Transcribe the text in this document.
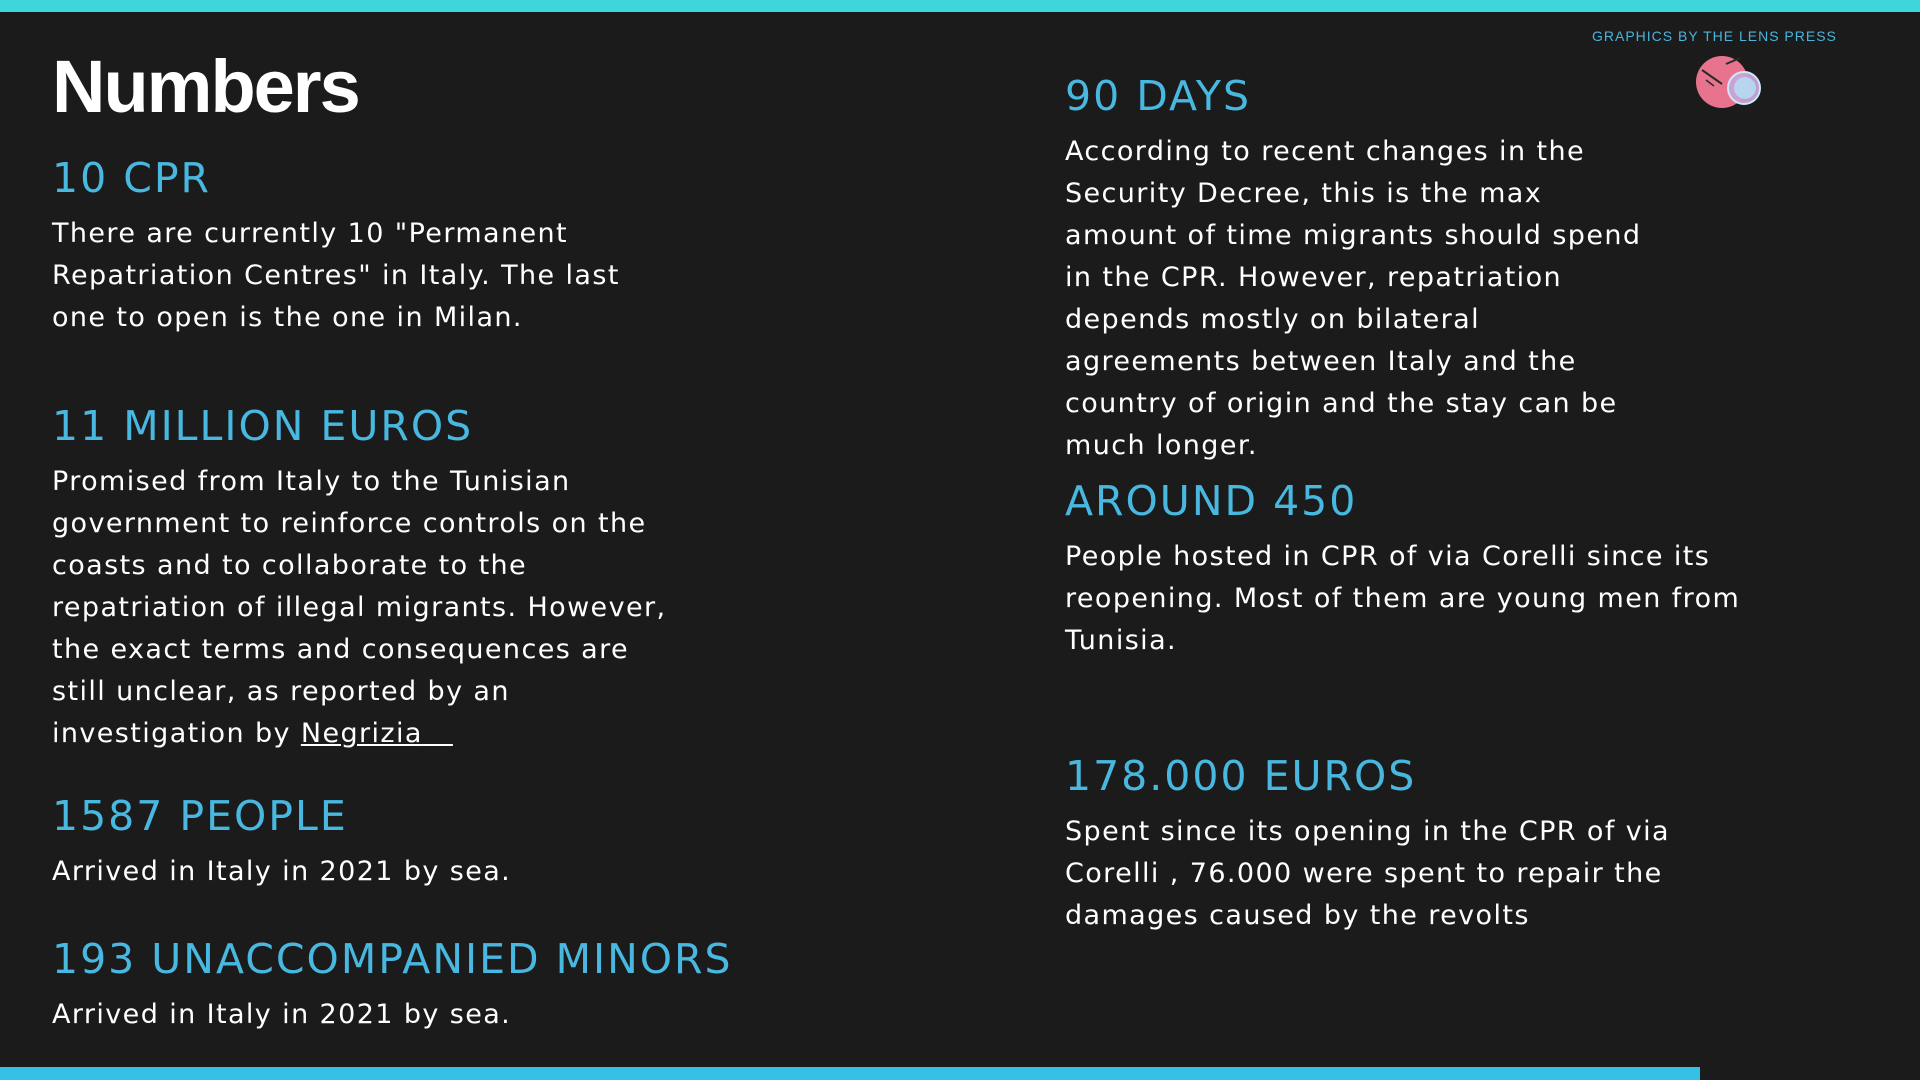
Numbers
GRAPHICS BY THE LENS PRESS
10 CPR

There are currently 10 "Permanent Repatriation Centres" in Italy. The last one to open is the one in Milan.

11 MILLION EUROS

Promised from Italy to the Tunisian government to reinforce controls on the coasts and to collaborate to the repatriation of illegal migrants. However, the exact terms and consequences are still unclear, as reported by an investigation by Negrizia

1587 PEOPLE

Arrived in Italy in 2021 by sea.

193 UNACCOMPANIED MINORS

Arrived in Italy in 2021 by sea.

90 DAYS

According to recent changes in the Security Decree, this is the max amount of time migrants should spend in the CPR. However, repatriation depends mostly on bilateral agreements between Italy and the country of origin and the stay can be much longer.

AROUND 450

People hosted in CPR of via Corelli since its reopening. Most of them are young men from Tunisia.

178.000 EUROS

Spent since its opening in the CPR of via Corelli , 76.000 were spent to repair the damages caused by the revolts
